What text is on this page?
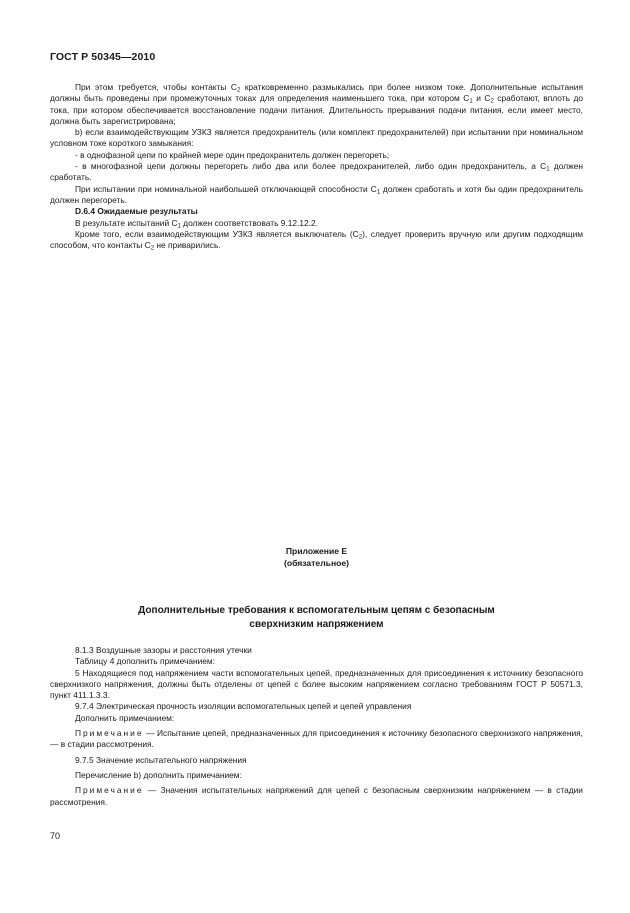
ГОСТ Р 50345—2010

При этом требуется, чтобы контакты $C_2$ кратковременно размыкались при более низком токе. Дополнительные испытания должны быть проведены при промежуточных токах для определения наименьшего тока, при котором $C_1$ и $C_2$ сработают, вплоть до тока, при котором обеспечивается восстановление подачи питания. Длительность прерывания подачи питания, если имеет место, должна быть зарегистрирована;

b) если взаимодействующим УЗКЗ является предохранитель (или комплект предохранителей) при испытании при номинальном условном токе короткого замыкания:

- в однофазной цепи по крайней мере один предохранитель должен перегореть;

- в многофазной цепи должны перегореть либо два или более предохранителей, либо один предохранитель, а $C_1$ должен сработать.

При испытании при номинальной наибольшей отключающей способности $C_1$ должен сработать и хотя бы один предохранитель должен перегореть.

D.6.4 Ожидаемые результаты

В результате испытаний $C_1$ должен соответствовать 9.12.12.2.

Кроме того, если взаимодействующим УЗКЗ является выключатель $(C_2)$, следует проверить вручную или другим подходящим способом, что контакты $C_2$ не приварились.

Приложение Е
(обязательное)
Дополнительные требования к вспомогательным цепям с безопасным
сверхнизким напряжением

8.1.3 Воздушные зазоры и расстояния утечки

Таблицу 4 дополнить примечанием:

5 Находящиеся под напряжением части вспомогательных цепей, предназначенных для присоединения к источнику безопасного сверхнизкого напряжения, должны быть отделены от цепей с более высоким напряжением согласно требованиям ГОСТ Р 50571.3, пункт 411.1.3.3.

9.7.4 Электрическая прочность изоляции вспомогательных цепей и цепей управления

Дополнить примечанием:

Примечание — Испытание цепей, предназначенных для присоединения к источнику безопасного сверхнизкого напряжения, — в стадии рассмотрения.

9.7.5 Значение испытательного напряжения

Перечисление b) дополнить примечанием:

Примечание — Значения испытательных напряжений для цепей с безопасным сверхнизким напряжением — в стадии рассмотрения.

70
